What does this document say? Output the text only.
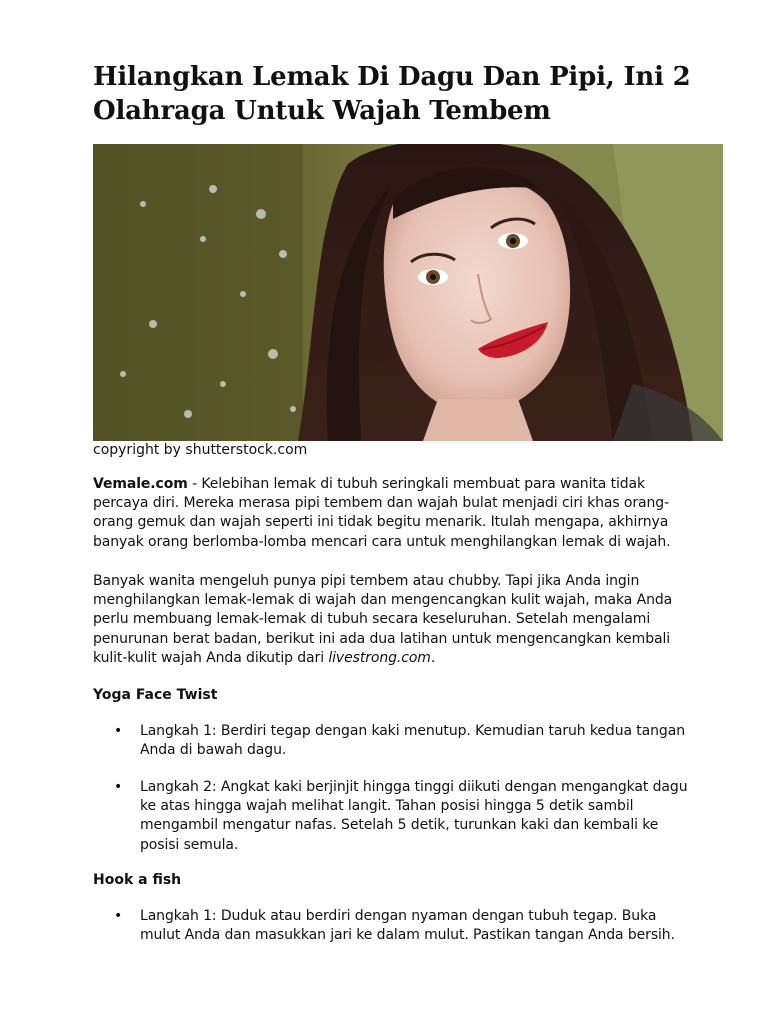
Hilangkan Lemak Di Dagu Dan Pipi, Ini 2 Olahraga Untuk Wajah Tembem

copyright by shutterstock.com

Vemale.com - Kelebihan lemak di tubuh seringkali membuat para wanita tidak percaya diri. Mereka merasa pipi tembem dan wajah bulat menjadi ciri khas orang-orang gemuk dan wajah seperti ini tidak begitu menarik. Itulah mengapa, akhirnya banyak orang berlomba-lomba mencari cara untuk menghilangkan lemak di wajah.

Banyak wanita mengeluh punya pipi tembem atau chubby. Tapi jika Anda ingin menghilangkan lemak-lemak di wajah dan mengencangkan kulit wajah, maka Anda perlu membuang lemak-lemak di tubuh secara keseluruhan. Setelah mengalami penurunan berat badan, berikut ini ada dua latihan untuk mengencangkan kembali kulit-kulit wajah Anda dikutip dari livestrong.com.

Yoga Face Twist

• Langkah 1: Berdiri tegap dengan kaki menutup. Kemudian taruh kedua tangan Anda di bawah dagu.

• Langkah 2: Angkat kaki berjinjit hingga tinggi diikuti dengan mengangkat dagu ke atas hingga wajah melihat langit. Tahan posisi hingga 5 detik sambil mengambil mengatur nafas. Setelah 5 detik, turunkan kaki dan kembali ke posisi semula.

Hook a fish

• Langkah 1: Duduk atau berdiri dengan nyaman dengan tubuh tegap. Buka mulut Anda dan masukkan jari ke dalam mulut. Pastikan tangan Anda bersih.
